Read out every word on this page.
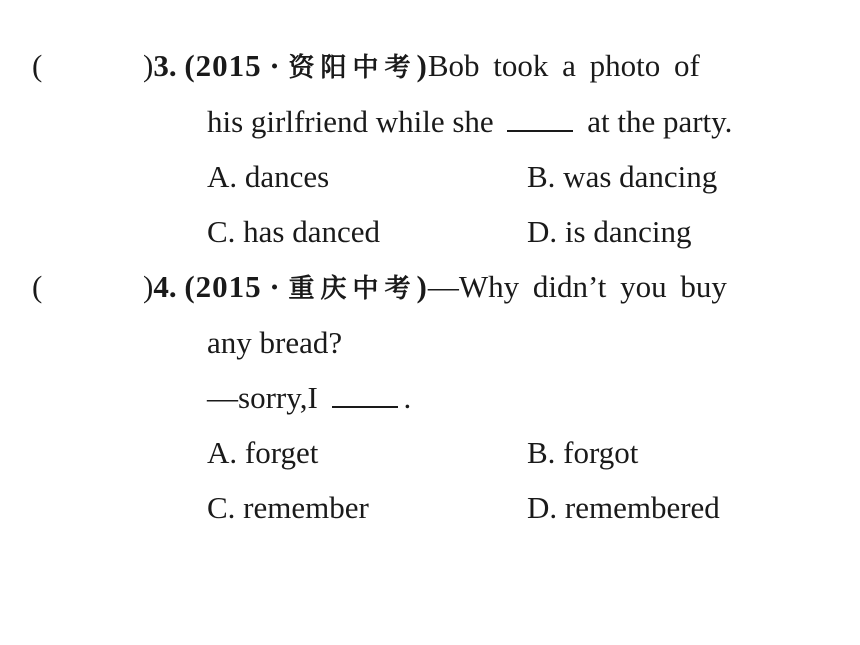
(	)3. (2015 · 资阳中考)Bob took a photo of
his girlfriend while she	at the party.
A. dances	B. was dancing
C. has danced	D. is dancing
(	)4. (2015 · 重庆中考)—Why didn’t you buy
any bread?
—sorry,I	.
A. forget	B. forgot
C. remember	D. remembered
